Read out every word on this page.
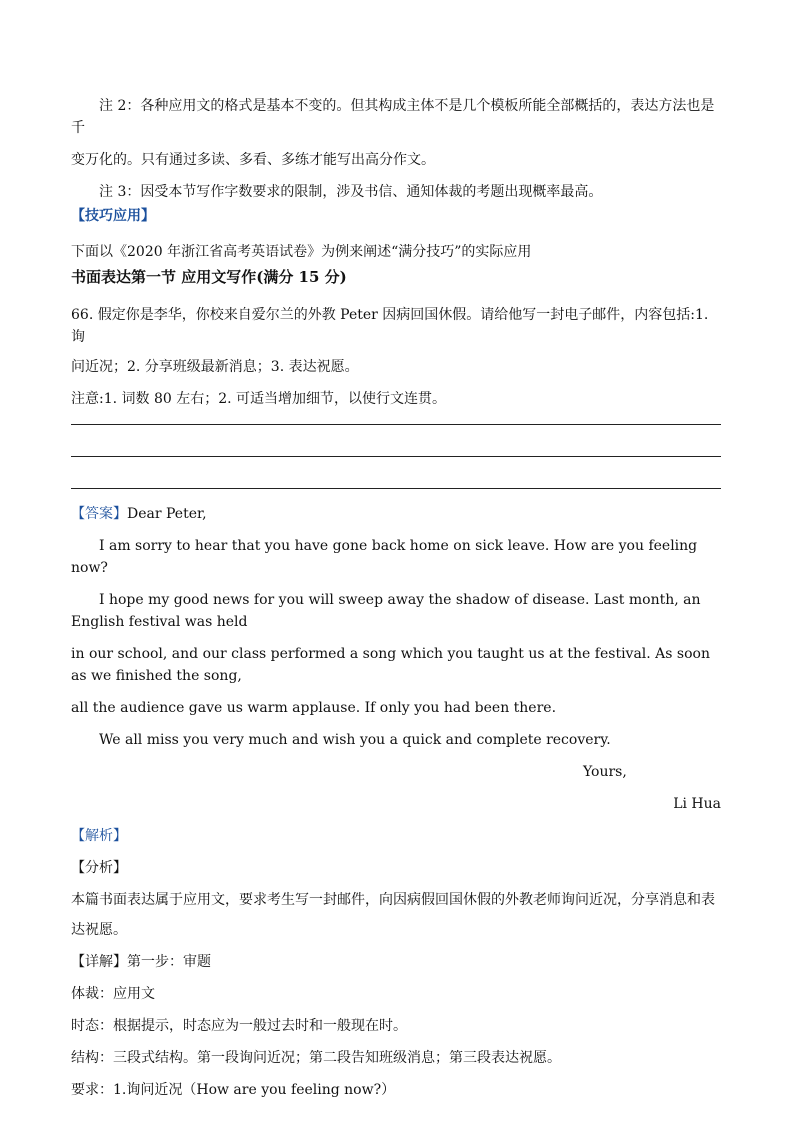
注 2：各种应用文的格式是基本不变的。但其构成主体不是几个模板所能全部概括的，表达方法也是千

变万化的。只有通过多读、多看、多练才能写出高分作文。

注 3：因受本节写作字数要求的限制，涉及书信、通知体裁的考题出现概率最高。

【技巧应用】

下面以《2020 年浙江省高考英语试卷》为例来阐述“满分技巧”的实际应用

书面表达第一节 应用文写作(满分 15 分)

66. 假定你是李华，你校来自爱尔兰的外教 Peter 因病回国休假。请给他写一封电子邮件，内容包括:1. 询

问近况；2. 分享班级最新消息；3. 表达祝愿。

注意:1. 词数 80 左右；2. 可适当增加细节，以使行文连贯。

【答案】Dear Peter,

I am sorry to hear that you have gone back home on sick leave. How are you feeling now?

I hope my good news for you will sweep away the shadow of disease. Last month, an English festival was held

in our school, and our class performed a song which you taught us at the festival. As soon as we finished the song,

all the audience gave us warm applause. If only you had been there.

We all miss you very much and wish you a quick and complete recovery.

Yours,

Li Hua

【解析】

【分析】

本篇书面表达属于应用文，要求考生写一封邮件，向因病假回国休假的外教老师询问近况，分享消息和表

达祝愿。

【详解】第一步：审题

体裁：应用文

时态：根据提示，时态应为一般过去时和一般现在时。

结构：三段式结构。第一段询问近况；第二段告知班级消息；第三段表达祝愿。

要求：1.询问近况（How are you feeling now?）
